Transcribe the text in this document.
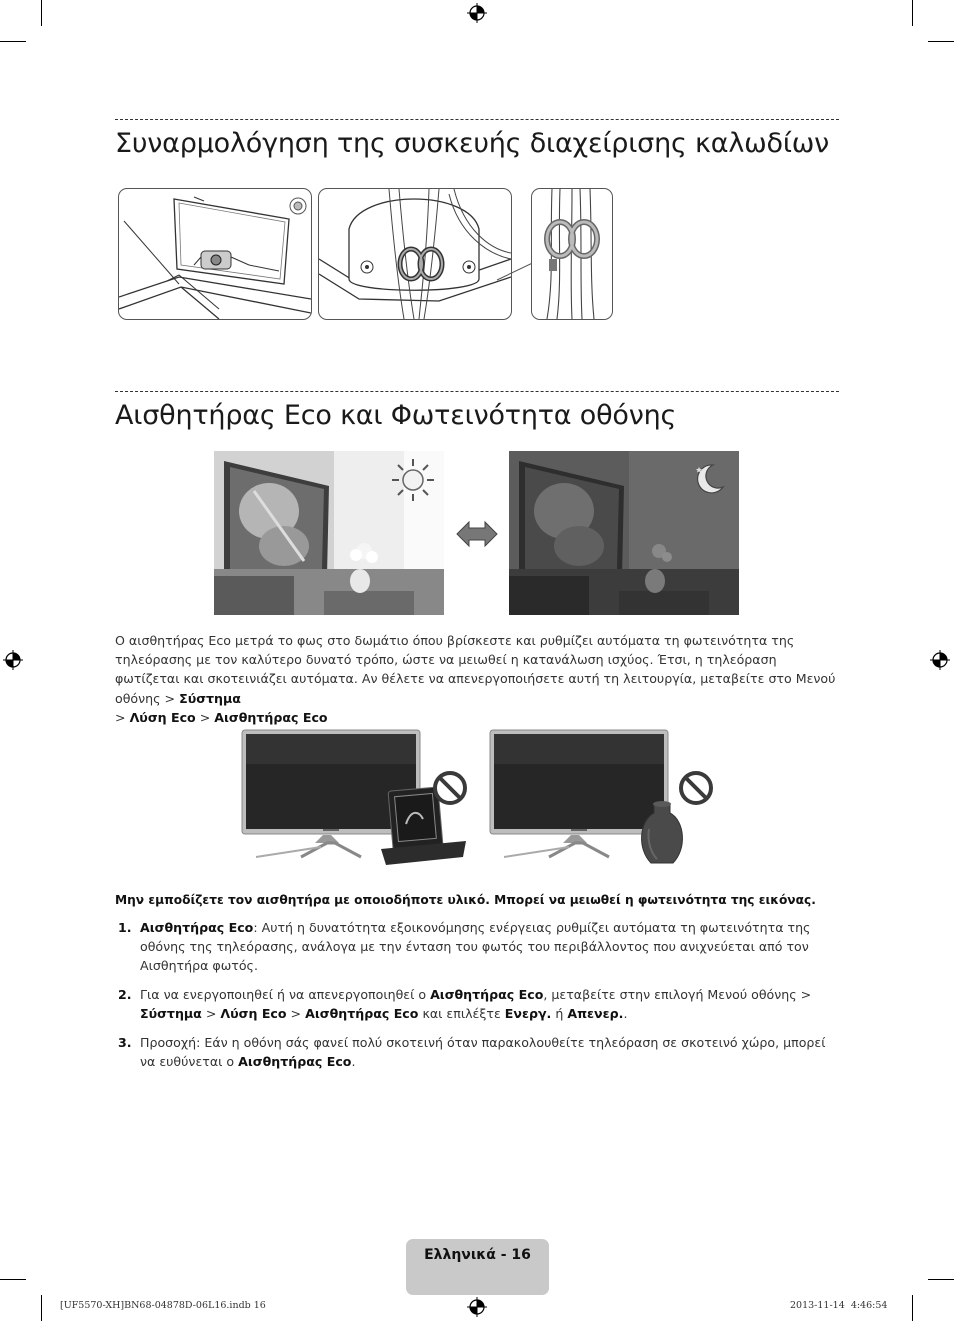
Συναρμολόγηση της συσκευής διαχείρισης καλωδίων
Αισθητήρας Eco και Φωτεινότητα οθόνης
Ο αισθητήρας Eco μετρά το φως στο δωμάτιο όπου βρίσκεστε και ρυθμίζει αυτόματα τη φωτεινότητα της τηλεόρασης με τον καλύτερο δυνατό τρόπο, ώστε να μειωθεί η κατανάλωση ισχύος. Έτσι, η τηλεόραση φωτίζεται και σκοτεινιάζει αυτόματα. Αν θέλετε να απενεργοποιήσετε αυτή τη λειτουργία, μεταβείτε στο Μενού οθόνης > Σύστημα
> Λύση Eco > Αισθητήρας Eco
Μην εμποδίζετε τον αισθητήρα με οποιοδήποτε υλικό. Μπορεί να μειωθεί η φωτεινότητα της εικόνας.
1. Αισθητήρας Eco: Αυτή η δυνατότητα εξοικονόμησης ενέργειας ρυθμίζει αυτόματα τη φωτεινότητα της οθόνης της τηλεόρασης, ανάλογα με την ένταση του φωτός του περιβάλλοντος που ανιχνεύεται από τον Αισθητήρα φωτός.
2. Για να ενεργοποιηθεί ή να απενεργοποιηθεί ο Αισθητήρας Eco, μεταβείτε στην επιλογή Μενού οθόνης >
Σύστημα > Λύση Eco > Αισθητήρας Eco και επιλέξτε Ενεργ. ή Απενερ..
3. Προσοχή: Εάν η οθόνη σάς φανεί πολύ σκοτεινή όταν παρακολουθείτε τηλεόραση σε σκοτεινό χώρο, μπορεί να ευθύνεται ο Αισθητήρας Eco.
Ελληνικά - 16
[UF5570-XH]BN68-04878D-06L16.indb 16	2013-11-14 ￼ 4:46:54
